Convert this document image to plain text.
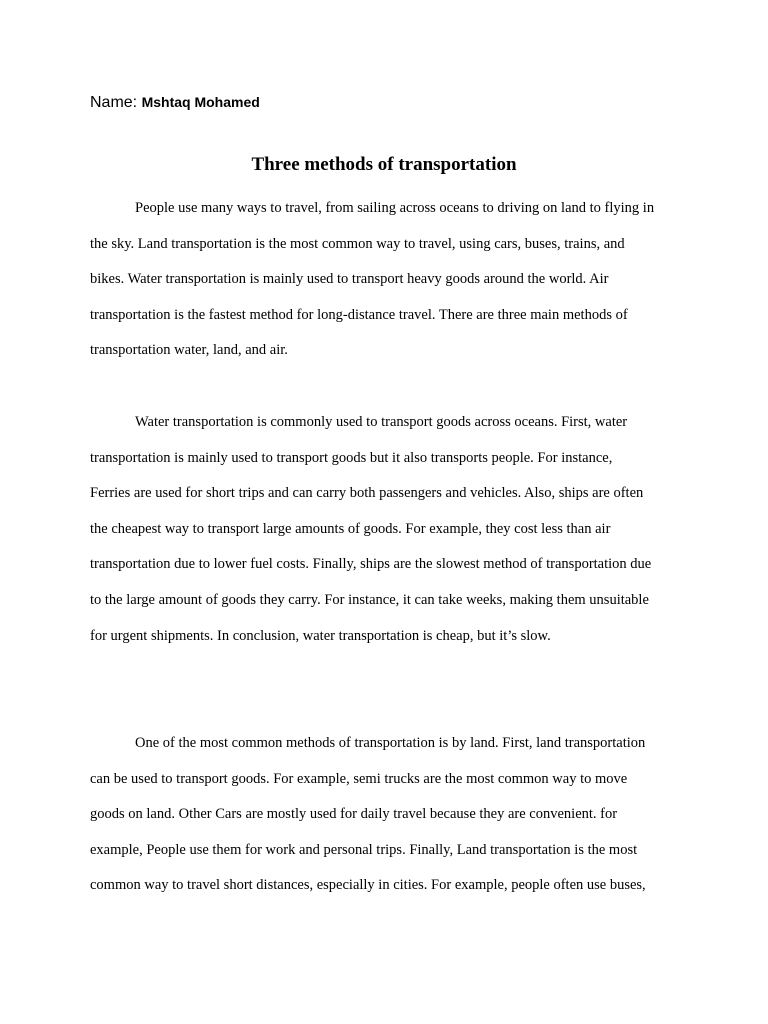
Name: Mshtaq Mohamed
Three methods of transportation
People use many ways to travel, from sailing across oceans to driving on land to flying in
the sky. Land transportation is the most common way to travel, using cars, buses, trains, and
bikes. Water transportation is mainly used to transport heavy goods around the world. Air
transportation is the fastest method for long-distance travel. There are three main methods of
transportation water, land, and air.
Water transportation is commonly used to transport goods across oceans. First, water
transportation is mainly used to transport goods but it also transports people. For instance,
Ferries are used for short trips and can carry both passengers and vehicles. Also, ships are often
the cheapest way to transport large amounts of goods. For example, they cost less than air
transportation due to lower fuel costs. Finally, ships are the slowest method of transportation due
to the large amount of goods they carry. For instance, it can take weeks, making them unsuitable
for urgent shipments. In conclusion, water transportation is cheap, but it’s slow.
One of the most common methods of transportation is by land. First, land transportation
can be used to transport goods. For example, semi trucks are the most common way to move
goods on land. Other Cars are mostly used for daily travel because they are convenient. for
example, People use them for work and personal trips. Finally, Land transportation is the most
common way to travel short distances, especially in cities. For example, people often use buses,
